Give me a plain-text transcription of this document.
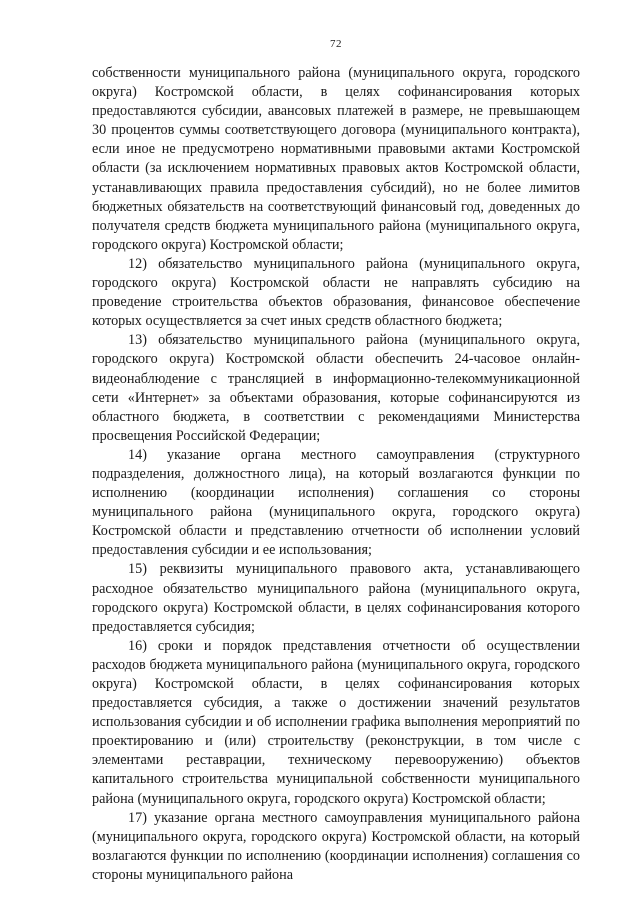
72

собственности муниципального района (муниципального округа, городского округа) Костромской области, в целях софинансирования которых предоставляются субсидии, авансовых платежей в размере, не превышающем 30 процентов суммы соответствующего договора (муниципального контракта), если иное не предусмотрено нормативными правовыми актами Костромской области (за исключением нормативных правовых актов Костромской области, устанавливающих правила предоставления субсидий), но не более лимитов бюджетных обязательств на соответствующий финансовый год, доведенных до получателя средств бюджета муниципального района (муниципального округа, городского округа) Костромской области;

12) обязательство муниципального района (муниципального округа, городского округа) Костромской области не направлять субсидию на проведение строительства объектов образования, финансовое обеспечение которых осуществляется за счет иных средств областного бюджета;

13) обязательство муниципального района (муниципального округа, городского округа) Костромской области обеспечить 24-часовое онлайн-видеонаблюдение с трансляцией в информационно-телекоммуникационной сети «Интернет» за объектами образования, которые софинансируются из областного бюджета, в соответствии с рекомендациями Министерства просвещения Российской Федерации;

14) указание органа местного самоуправления (структурного подразделения, должностного лица), на который возлагаются функции по исполнению (координации исполнения) соглашения со стороны муниципального района (муниципального округа, городского округа) Костромской области и представлению отчетности об исполнении условий предоставления субсидии и ее использования;

15) реквизиты муниципального правового акта, устанавливающего расходное обязательство муниципального района (муниципального округа, городского округа) Костромской области, в целях софинансирования которого предоставляется субсидия;

16) сроки и порядок представления отчетности об осуществлении расходов бюджета муниципального района (муниципального округа, городского округа) Костромской области, в целях софинансирования которых предоставляется субсидия, а также о достижении значений результатов использования субсидии и об исполнении графика выполнения мероприятий по проектированию и (или) строительству (реконструкции, в том числе с элементами реставрации, техническому перевооружению) объектов капитального строительства муниципальной собственности муниципального района (муниципального округа, городского округа) Костромской области;

17) указание органа местного самоуправления муниципального района (муниципального округа, городского округа) Костромской области, на который возлагаются функции по исполнению (координации исполнения) соглашения со стороны муниципального района
